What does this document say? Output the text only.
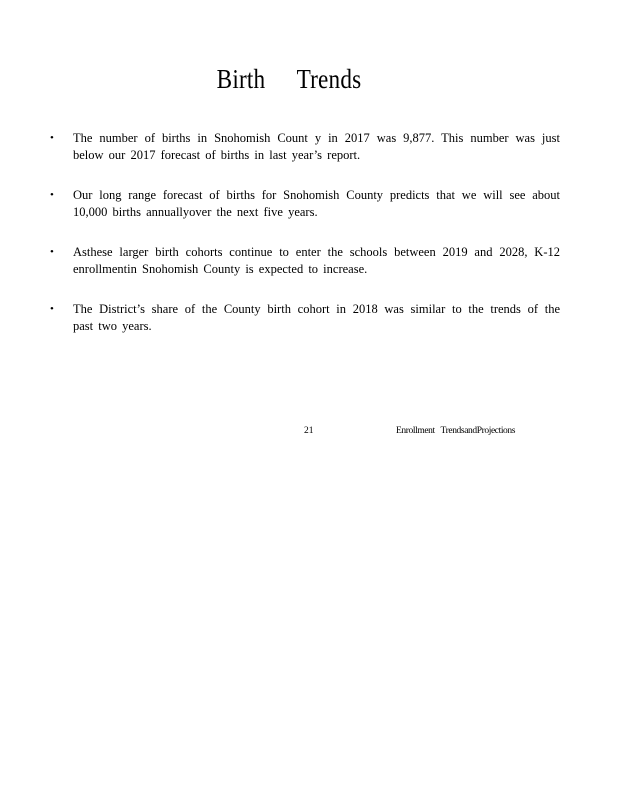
Birth Trends
• The number of births in Snohomish Count y in 2017 was 9,877. This number was just below our 2017 forecast of births in last year’s report.
• Our long range forecast of births for Snohomish County predicts that we will see about 10,000 births annuallyover the next five years.
• Asthese larger birth cohorts continue to enter the schools between 2019 and 2028, K-12 enrollmentin Snohomish County is expected to increase.
• The District’s share of the County birth cohort in 2018 was similar to the trends of the past two years.
21	Enrollment TrendsandProjections
